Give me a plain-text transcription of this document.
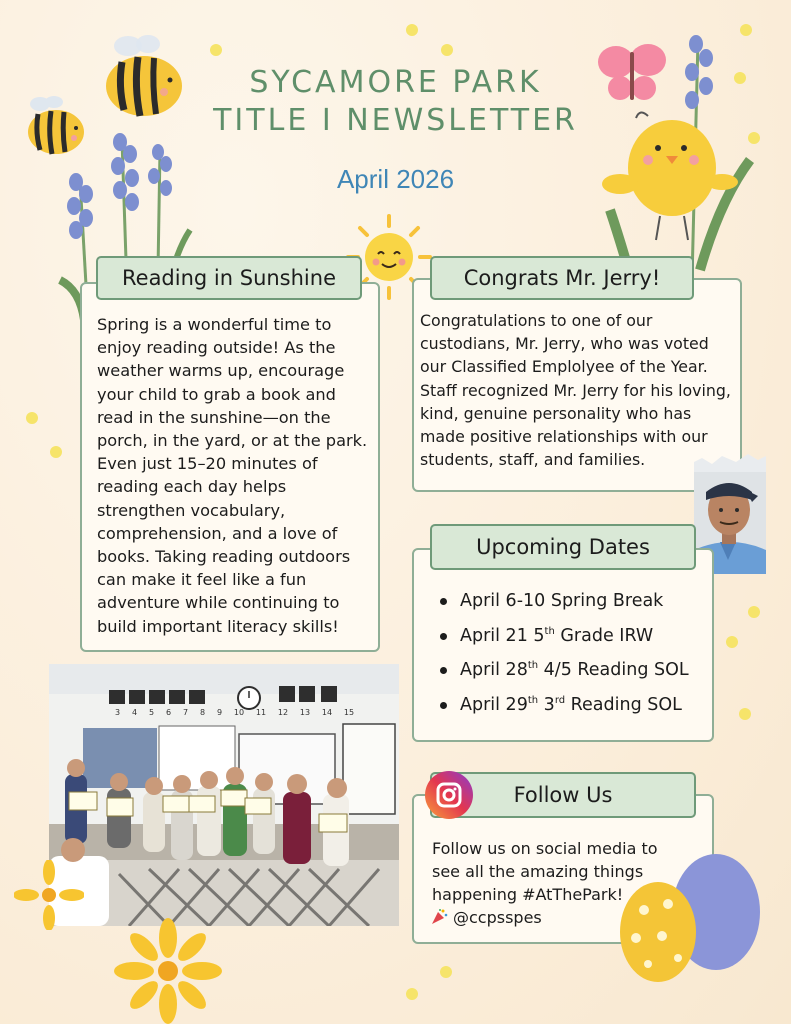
SYCAMORE PARK
TITLE I NEWSLETTER
April 2026
Reading in Sunshine
Spring is a wonderful time to enjoy reading outside! As the weather warms up, encourage your child to grab a book and read in the sunshine—on the porch, in the yard, or at the park. Even just 15–20 minutes of reading each day helps strengthen vocabulary, comprehension, and a love of books. Taking reading outdoors can make it feel like a fun adventure while continuing to build important literacy skills!
Congrats Mr. Jerry!
Congratulations to one of our custodians, Mr. Jerry, who was voted our Classified Emplolyee of the Year. Staff recognized Mr. Jerry for his loving, kind, genuine personality who has made positive relationships with our students, staff, and families.
Upcoming Dates
April 6-10 Spring Break
April 21 5th Grade IRW
April 28th 4/5 Reading SOL
April 29th 3rd Reading SOL
Follow Us
Follow us on social media to
see all the amazing things
happening #AtThePark!
@ccpsspes
3	4	5	6	7	8	9	10	11	12	13	14	15
